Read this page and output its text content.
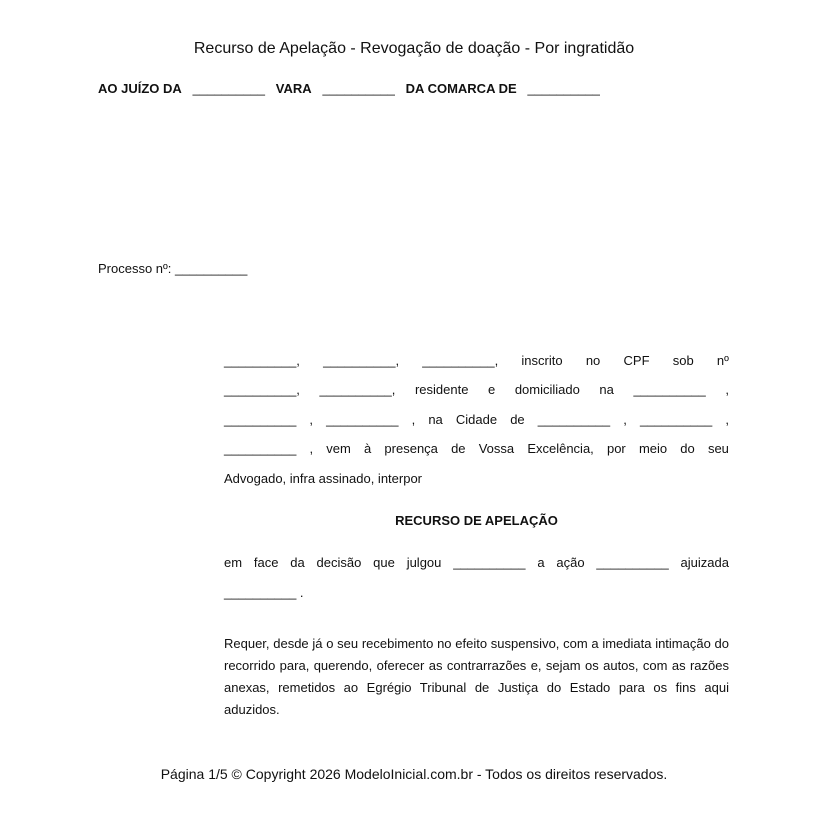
Recurso de Apelação - Revogação de doação - Por ingratidão
AO JUÍZO DA __________ VARA __________ DA COMARCA DE __________
Processo nº: __________
__________, __________, __________, inscrito no CPF sob nº
__________, __________, residente e domiciliado na __________ ,
__________ , __________ , na Cidade de __________ , __________ ,
__________ , vem à presença de Vossa Excelência, por meio do seu
Advogado, infra assinado, interpor
RECURSO DE APELAÇÃO
em face da decisão que julgou __________ a ação __________ ajuizada
__________ .
Requer, desde já o seu recebimento no efeito suspensivo, com a imediata intimação do recorrido para, querendo, oferecer as contrarrazões e, sejam os autos, com as razões anexas, remetidos ao Egrégio Tribunal de Justiça do Estado para os fins aqui aduzidos.
Página 1/5 © Copyright 2026 ModeloInicial.com.br - Todos os direitos reservados.
